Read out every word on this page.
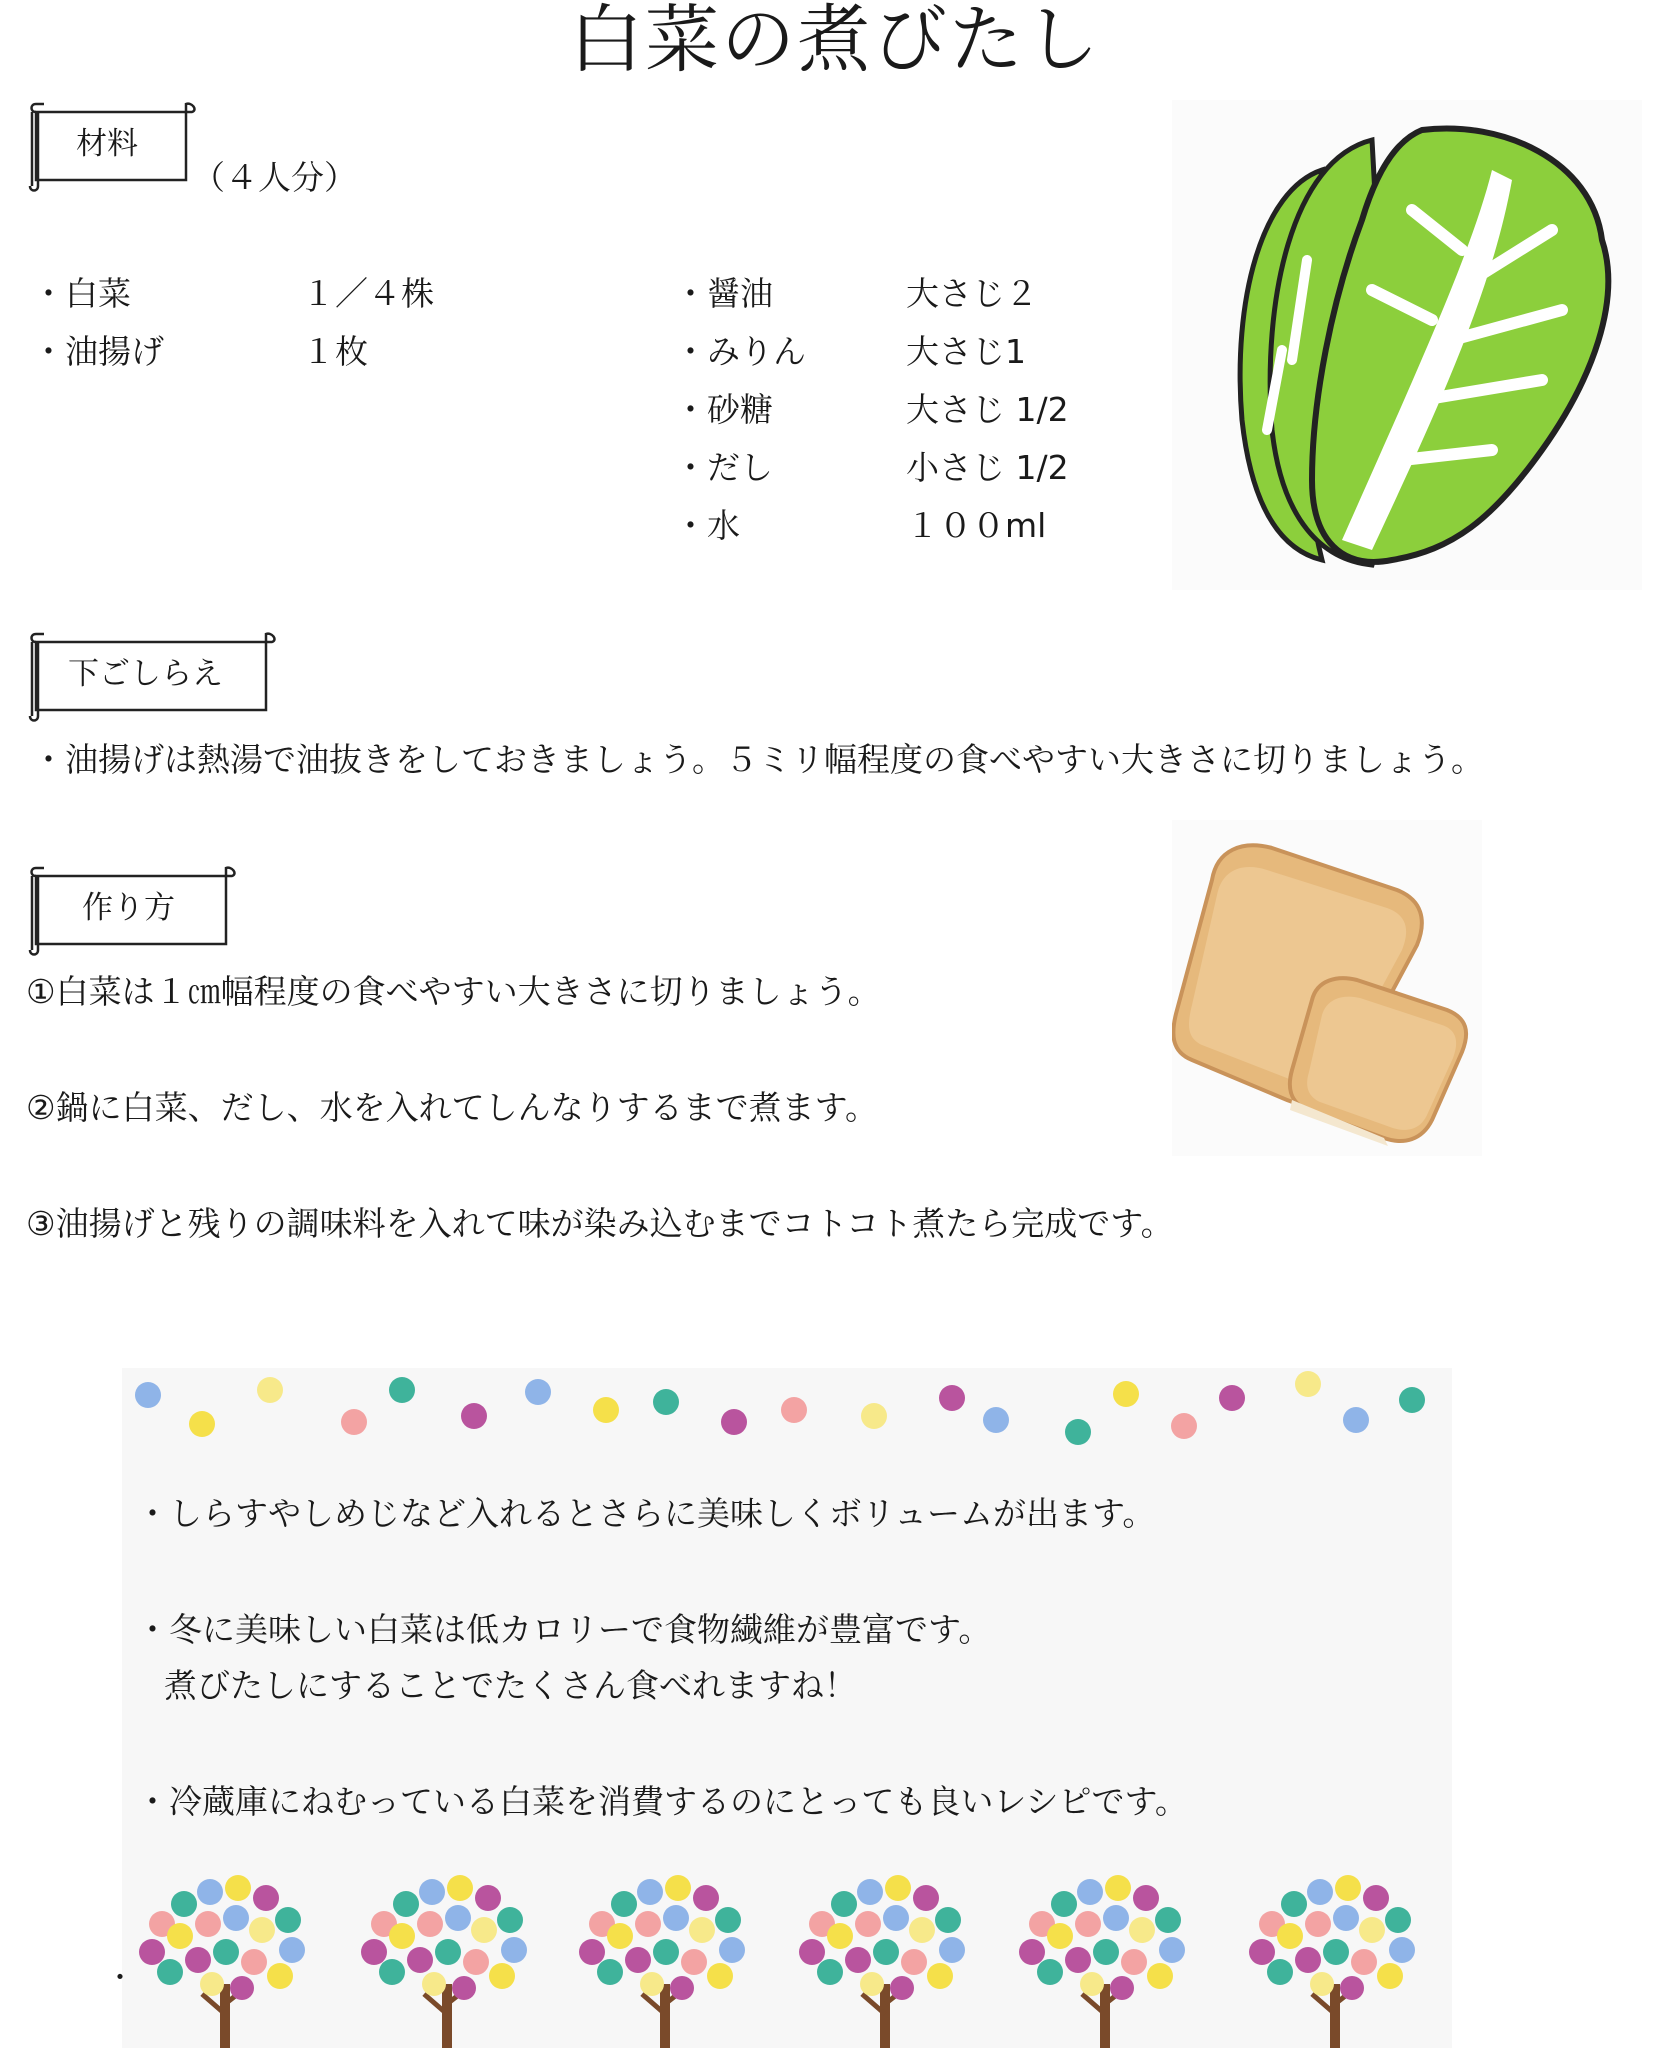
白菜の煮びたし
材料
（４人分）
・白菜	１／４株
・油揚げ	１枚
・醤油	大さじ２
・みりん	大さじ1
・砂糖	大さじ 1/2
・だし	小さじ 1/2
・水	１００ml
下ごしらえ
・油揚げは熱湯で油抜きをしておきましょう。５ミリ幅程度の食べやすい大きさに切りましょう。
作り方
①白菜は１㎝幅程度の食べやすい大きさに切りましょう。
②鍋に白菜、だし、水を入れてしんなりするまで煮ます。
③油揚げと残りの調味料を入れて味が染み込むまでコトコト煮たら完成です。
・しらすやしめじなど入れるとさらに美味しくボリュームが出ます。
・冬に美味しい白菜は低カロリーで食物繊維が豊富です。
煮びたしにすることでたくさん食べれますね！
・冷蔵庫にねむっている白菜を消費するのにとっても良いレシピです。
・
